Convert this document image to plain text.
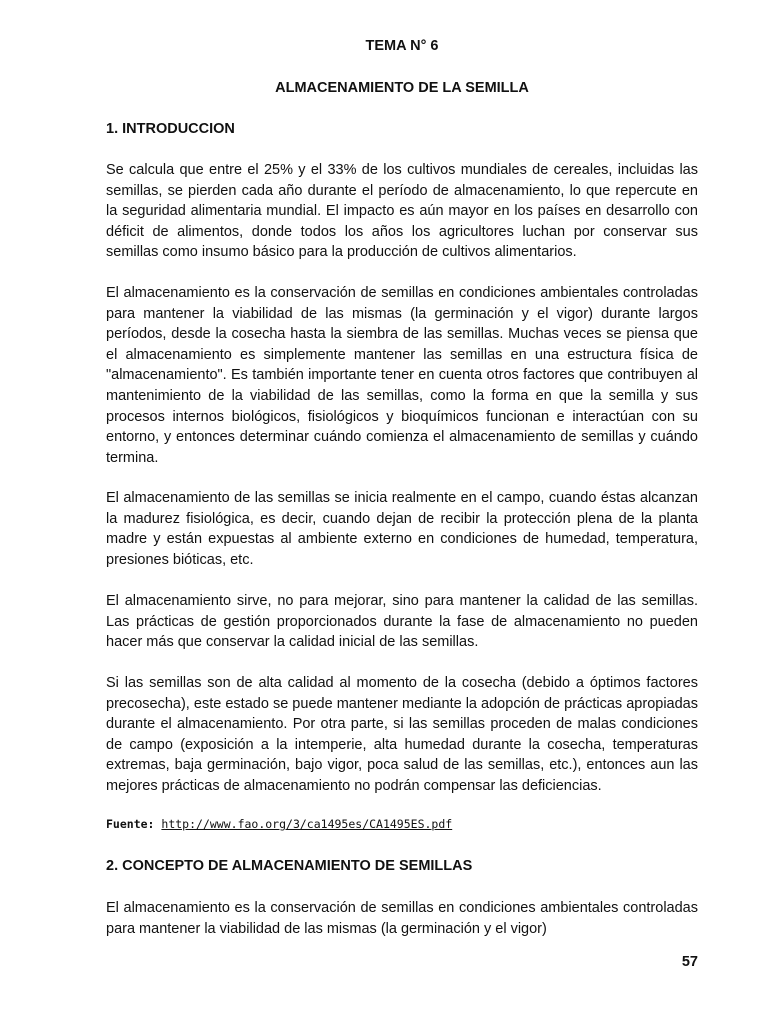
TEMA N° 6

ALMACENAMIENTO DE LA SEMILLA

1. INTRODUCCION

Se calcula que entre el 25% y el 33% de los cultivos mundiales de cereales, incluidas las semillas, se pierden cada año durante el período de almacenamiento, lo que repercute en la seguridad alimentaria mundial. El impacto es aún mayor en los países en desarrollo con déficit de alimentos, donde todos los años los agricultores luchan por conservar sus semillas como insumo básico para la producción de cultivos alimentarios.

El almacenamiento es la conservación de semillas en condiciones ambientales controladas para mantener la viabilidad de las mismas (la germinación y el vigor) durante largos períodos, desde la cosecha hasta la siembra de las semillas. Muchas veces se piensa que el almacenamiento es simplemente mantener las semillas en una estructura física de "almacenamiento". Es también importante tener en cuenta otros factores que contribuyen al mantenimiento de la viabilidad de las semillas, como la forma en que la semilla y sus procesos internos biológicos, fisiológicos y bioquímicos funcionan e interactúan con su entorno, y entonces determinar cuándo comienza el almacenamiento de semillas y cuándo termina.

El almacenamiento de las semillas se inicia realmente en el campo, cuando éstas alcanzan la madurez fisiológica, es decir, cuando dejan de recibir la protección plena de la planta madre y están expuestas al ambiente externo en condiciones de humedad, temperatura, presiones bióticas, etc.

El almacenamiento sirve, no para mejorar, sino para mantener la calidad de las semillas. Las prácticas de gestión proporcionados durante la fase de almacenamiento no pueden hacer más que conservar la calidad inicial de las semillas.

Si las semillas son de alta calidad al momento de la cosecha (debido a óptimos factores precosecha), este estado se puede mantener mediante la adopción de prácticas apropiadas durante el almacenamiento. Por otra parte, si las semillas proceden de malas condiciones de campo (exposición a la intemperie, alta humedad durante la cosecha, temperaturas extremas, baja germinación, bajo vigor, poca salud de las semillas, etc.), entonces aun las mejores prácticas de almacenamiento no podrán compensar las deficiencias.

Fuente: http://www.fao.org/3/ca1495es/CA1495ES.pdf

2. CONCEPTO DE ALMACENAMIENTO DE SEMILLAS

El almacenamiento es la conservación de semillas en condiciones ambientales controladas para mantener la viabilidad de las mismas (la germinación y el vigor)

57
